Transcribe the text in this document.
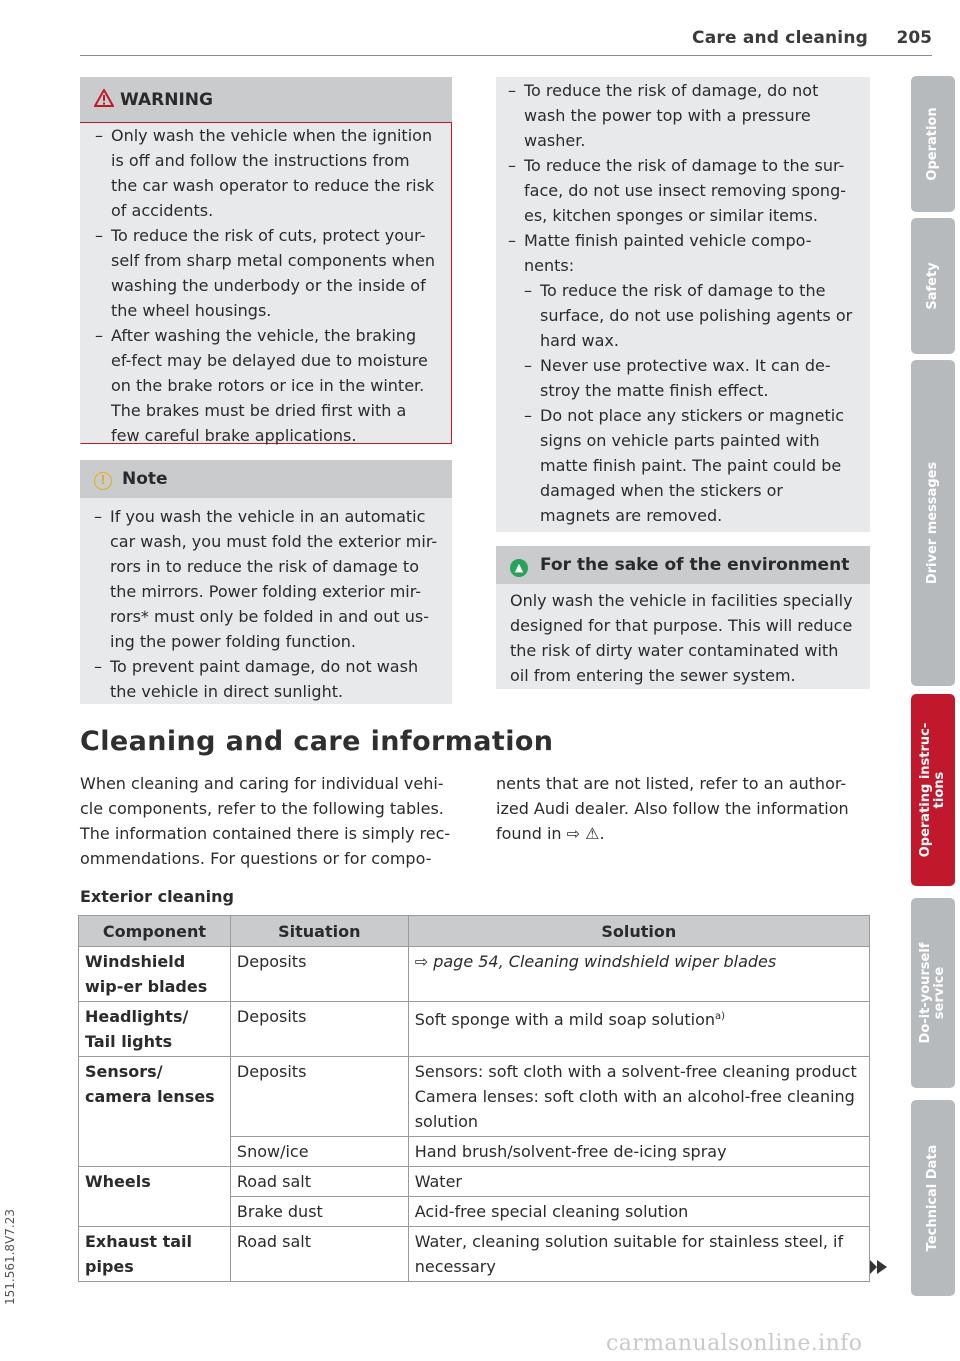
Care and cleaning 205
Operation
Safety
Driver messages
Operating instruc-tions
Do-it-yourself service
Technical Data
151.561.8V7.23
WARNING
– Only wash the vehicle when the ignition is off and follow the instructions from the car wash operator to reduce the risk of accidents.
– To reduce the risk of cuts, protect your-self from sharp metal components when washing the underbody or the inside of the wheel housings.
– After washing the vehicle, the braking ef-fect may be delayed due to moisture on the brake rotors or ice in the winter. The brakes must be dried first with a few careful brake applications.
! Note
– If you wash the vehicle in an automatic car wash, you must fold the exterior mir-rors in to reduce the risk of damage to the mirrors. Power folding exterior mir-rors* must only be folded in and out us-ing the power folding function.
– To prevent paint damage, do not wash the vehicle in direct sunlight.
– To reduce the risk of damage, do not wash the power top with a pressure washer.
– To reduce the risk of damage to the sur-face, do not use insect removing spong-es, kitchen sponges or similar items.
– Matte finish painted vehicle compo-nents:
– To reduce the risk of damage to the surface, do not use polishing agents or hard wax.
– Never use protective wax. It can de-stroy the matte finish effect.
– Do not place any stickers or magnetic signs on vehicle parts painted with matte finish paint. The paint could be damaged when the stickers or magnets are removed.
▲ For the sake of the environment
Only wash the vehicle in facilities specially designed for that purpose. This will reduce the risk of dirty water contaminated with oil from entering the sewer system.
Cleaning and care information

When cleaning and caring for individual vehi-cle components, refer to the following tables. The information contained there is simply rec-ommendations. For questions or for compo-

nents that are not listed, refer to an author-ized Audi dealer. Also follow the information found in ⇨ ⚠.

Exterior cleaning
Component	Situation	Solution
Windshield wip-er blades	Deposits	⇨ page 54, Cleaning windshield wiper blades
Headlights/ Tail lights	Deposits	Soft sponge with a mild soap solution$^{a)}$
Sensors/ camera lenses	Deposits	Sensors: soft cloth with a solvent-free cleaning product
Camera lenses: soft cloth with an alcohol-free cleaning solution

	Snow/ice	Hand brush/solvent-free de-icing spray
Wheels	Road salt	Water
	Brake dust	Acid-free special cleaning solution
Exhaust tail pipes	Road salt	Water, cleaning solution suitable for stainless steel, if necessary
carmanualsonline.info
